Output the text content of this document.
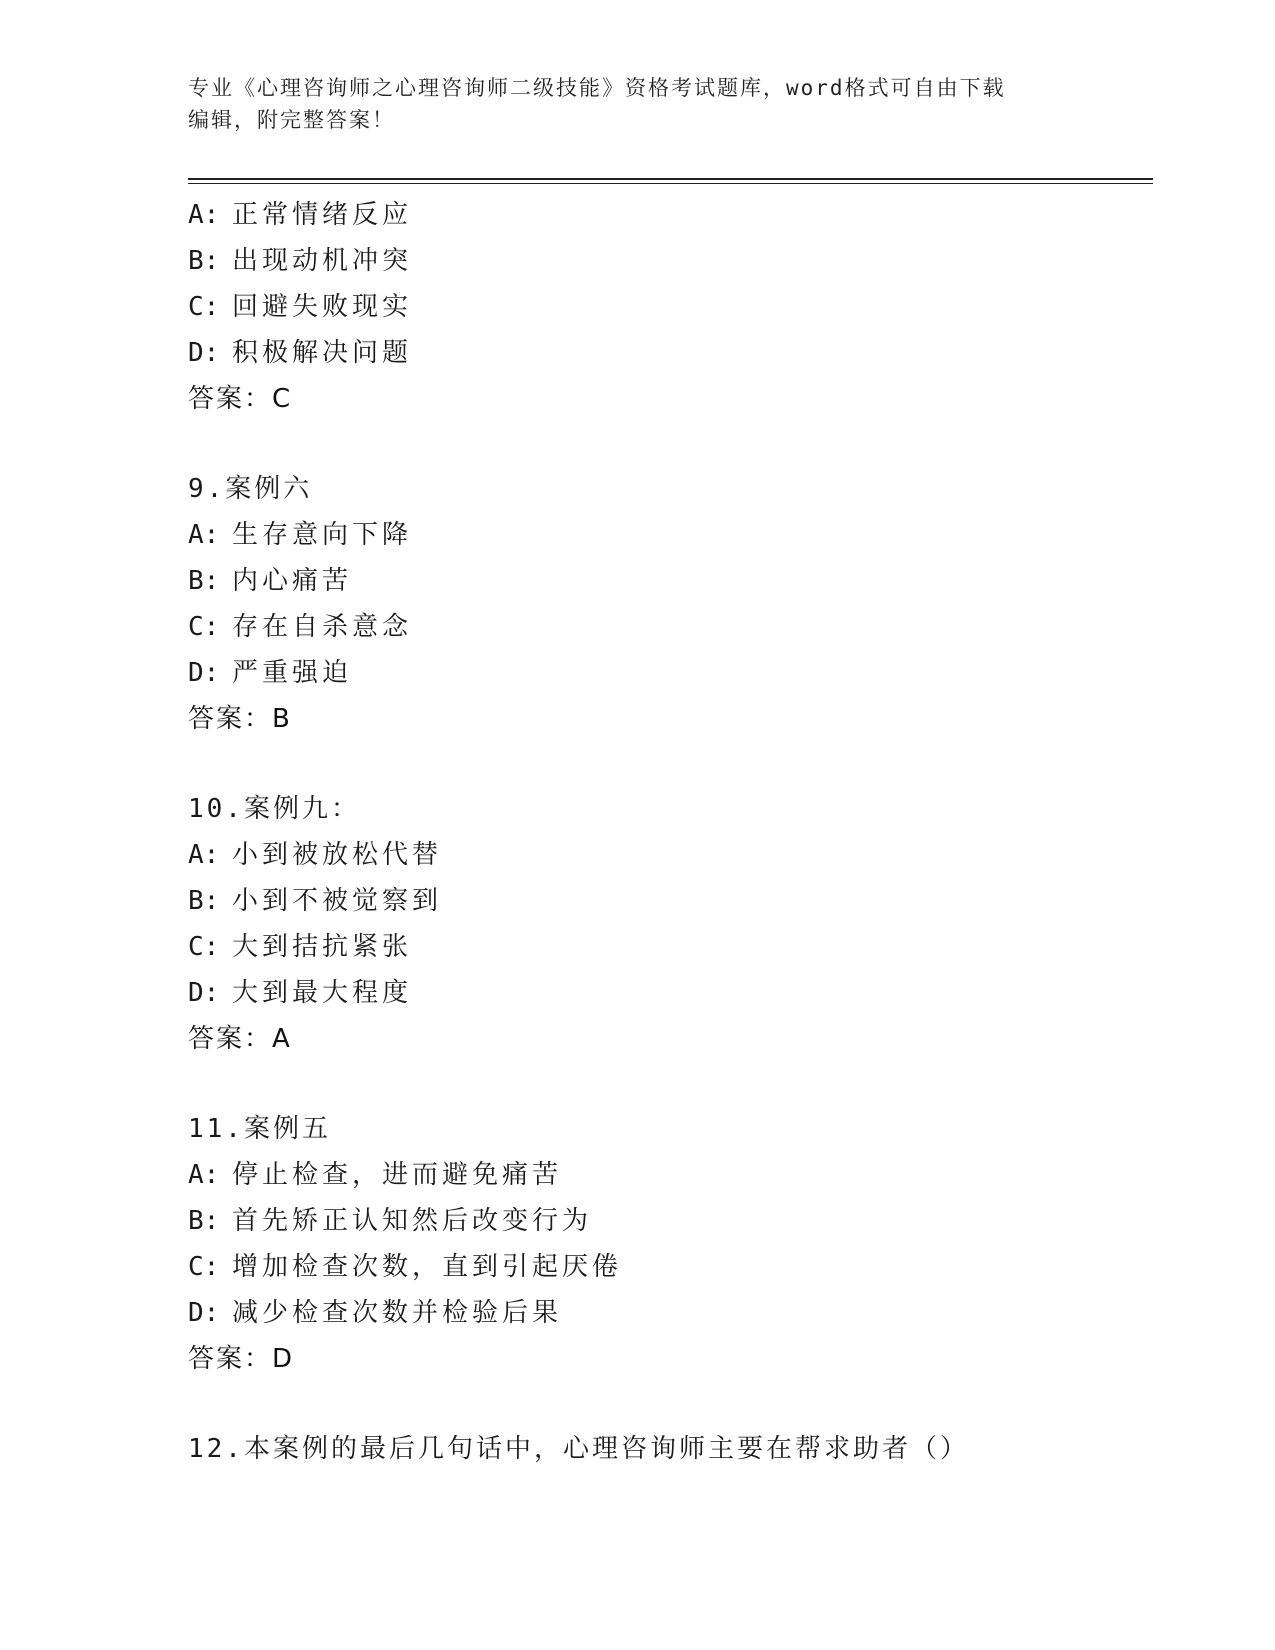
专业《心理咨询师之心理咨询师二级技能》资格考试题库，word格式可自由下载
编辑，附完整答案！
A: 正常情绪反应
B: 出现动机冲突
C: 回避失败现实
D: 积极解决问题
答案：C
9.案例六
A: 生存意向下降
B: 内心痛苦
C: 存在自杀意念
D: 严重强迫
答案：B
10.案例九：
A: 小到被放松代替
B: 小到不被觉察到
C: 大到拮抗紧张
D: 大到最大程度
答案：A
11.案例五
A: 停止检查，进而避免痛苦
B: 首先矫正认知然后改变行为
C: 增加检查次数，直到引起厌倦
D: 减少检查次数并检验后果
答案：D
12.本案例的最后几句话中，心理咨询师主要在帮求助者（）
